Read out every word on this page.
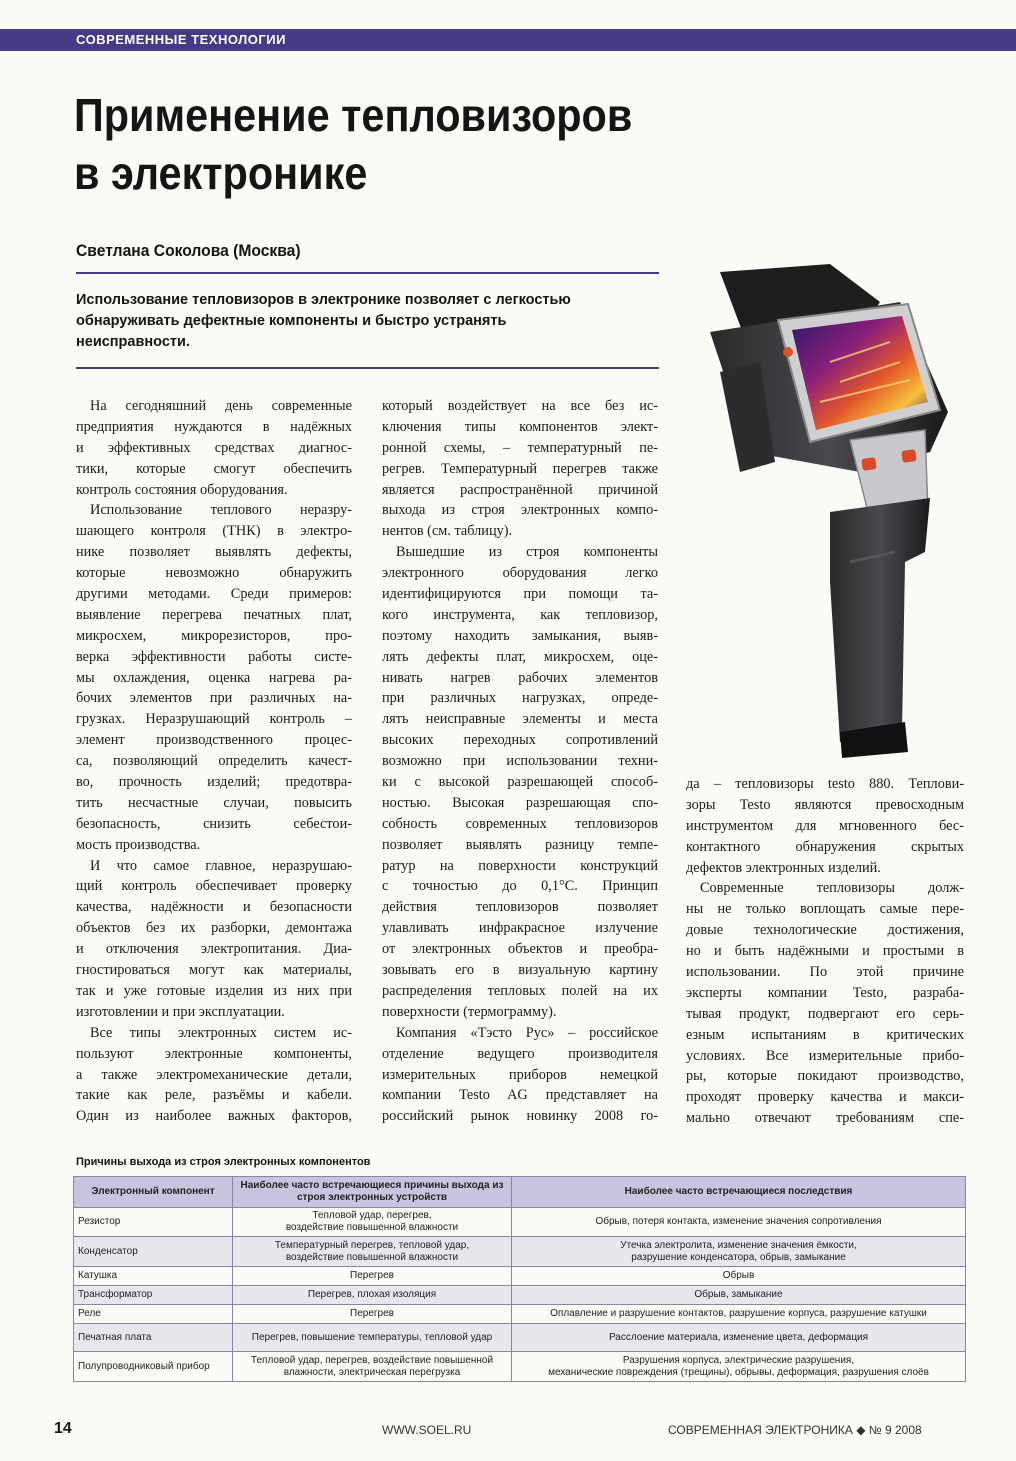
СОВРЕМЕННЫЕ ТЕХНОЛОГИИ
Применение тепловизоров
в электронике
Светлана Соколова (Москва)
Использование тепловизоров в электронике позволяет с легкостью
обнаруживать дефектные компоненты и быстро устранять
неисправности.
На сегодняшний день современные
предприятия нуждаются в надёжных
и эффективных средствах диагнос-
тики, которые смогут обеспечить
контроль состояния оборудования.
Использование теплового неразру-
шающего контроля (ТНК) в электро-
нике позволяет выявлять дефекты,
которые невозможно обнаружить
другими методами. Среди примеров:
выявление перегрева печатных плат,
микросхем, микрорезисторов, про-
верка эффективности работы систе-
мы охлаждения, оценка нагрева ра-
бочих элементов при различных на-
грузках. Неразрушающий контроль –
элемент производственного процес-
са, позволяющий определить качест-
во, прочность изделий; предотвра-
тить несчастные случаи, повысить
безопасность, снизить себестои-
мость производства.
И что самое главное, неразрушаю-
щий контроль обеспечивает проверку
качества, надёжности и безопасности
объектов без их разборки, демонтажа
и отключения электропитания. Диа-
гностироваться могут как материалы,
так и уже готовые изделия из них при
изготовлении и при эксплуатации.
Все типы электронных систем ис-
пользуют электронные компоненты,
а также электромеханические детали,
такие как реле, разъёмы и кабели.
Один из наиболее важных факторов,
который воздействует на все без ис-
ключения типы компонентов элект-
ронной схемы, – температурный пе-
регрев. Температурный перегрев также
является распространённой причиной
выхода из строя электронных компо-
нентов (см. таблицу).
Вышедшие из строя компоненты
электронного оборудования легко
идентифицируются при помощи та-
кого инструмента, как тепловизор,
поэтому находить замыкания, выяв-
лять дефекты плат, микросхем, оце-
нивать нагрев рабочих элементов
при различных нагрузках, опреде-
лять неисправные элементы и места
высоких переходных сопротивлений
возможно при использовании техни-
ки с высокой разрешающей способ-
ностью. Высокая разрешающая спо-
собность современных тепловизоров
позволяет выявлять разницу темпе-
ратур на поверхности конструкций
с точностью до 0,1°С. Принцип
действия тепловизоров позволяет
улавливать инфракрасное излучение
от электронных объектов и преобра-
зовывать его в визуальную картину
распределения тепловых полей на их
поверхности (термограмму).
Компания «Тэсто Рус» – российское
отделение ведущего производителя
измерительных приборов немецкой
компании Testo AG представляет на
российский рынок новинку 2008 го-
да – тепловизоры testo 880. Теплови-
зоры Testo являются превосходным
инструментом для мгновенного бес-
контактного обнаружения скрытых
дефектов электронных изделий.
Современные тепловизоры долж-
ны не только воплощать самые пере-
довые технологические достижения,
но и быть надёжными и простыми в
использовании. По этой причине
эксперты компании Testo, разраба-
тывая продукт, подвергают его серь-
езным испытаниям в критических
условиях. Все измерительные прибо-
ры, которые покидают производство,
проходят проверку качества и макси-
мально отвечают требованиям спе-
Причины выхода из строя электронных компонентов
Электронный компонент	Наиболее часто встречающиеся причины выхода из строя электронных устройств	Наиболее часто встречающиеся последствия
Резистор	Тепловой удар, перегрев,
воздействие повышенной влажности	Обрыв, потеря контакта, изменение значения сопротивления

Конденсатор	Температурный перегрев, тепловой удар,
воздействие повышенной влажности	Утечка электролита, изменение значения ёмкости,
разрушение конденсатора, обрыв, замыкание

Катушка	Перегрев	Обрыв

Трансформатор	Перегрев, плохая изоляция	Обрыв, замыкание

Реле	Перегрев	Оплавление и разрушение контактов, разрушение корпуса, разрушение катушки

Печатная плата	Перегрев, повышение температуры, тепловой удар	Расслоение материала, изменение цвета, деформация

Полупроводниковый прибор	Тепловой удар, перегрев, воздействие повышенной
влажности, электрическая перегрузка	Разрушения корпуса, электрические разрушения,
механические повреждения (трещины), обрывы, деформация, разрушения слоёв
14	WWW.SOEL.RU	СОВРЕМЕННАЯ ЭЛЕКТРОНИКА ◆ № 9 2008
